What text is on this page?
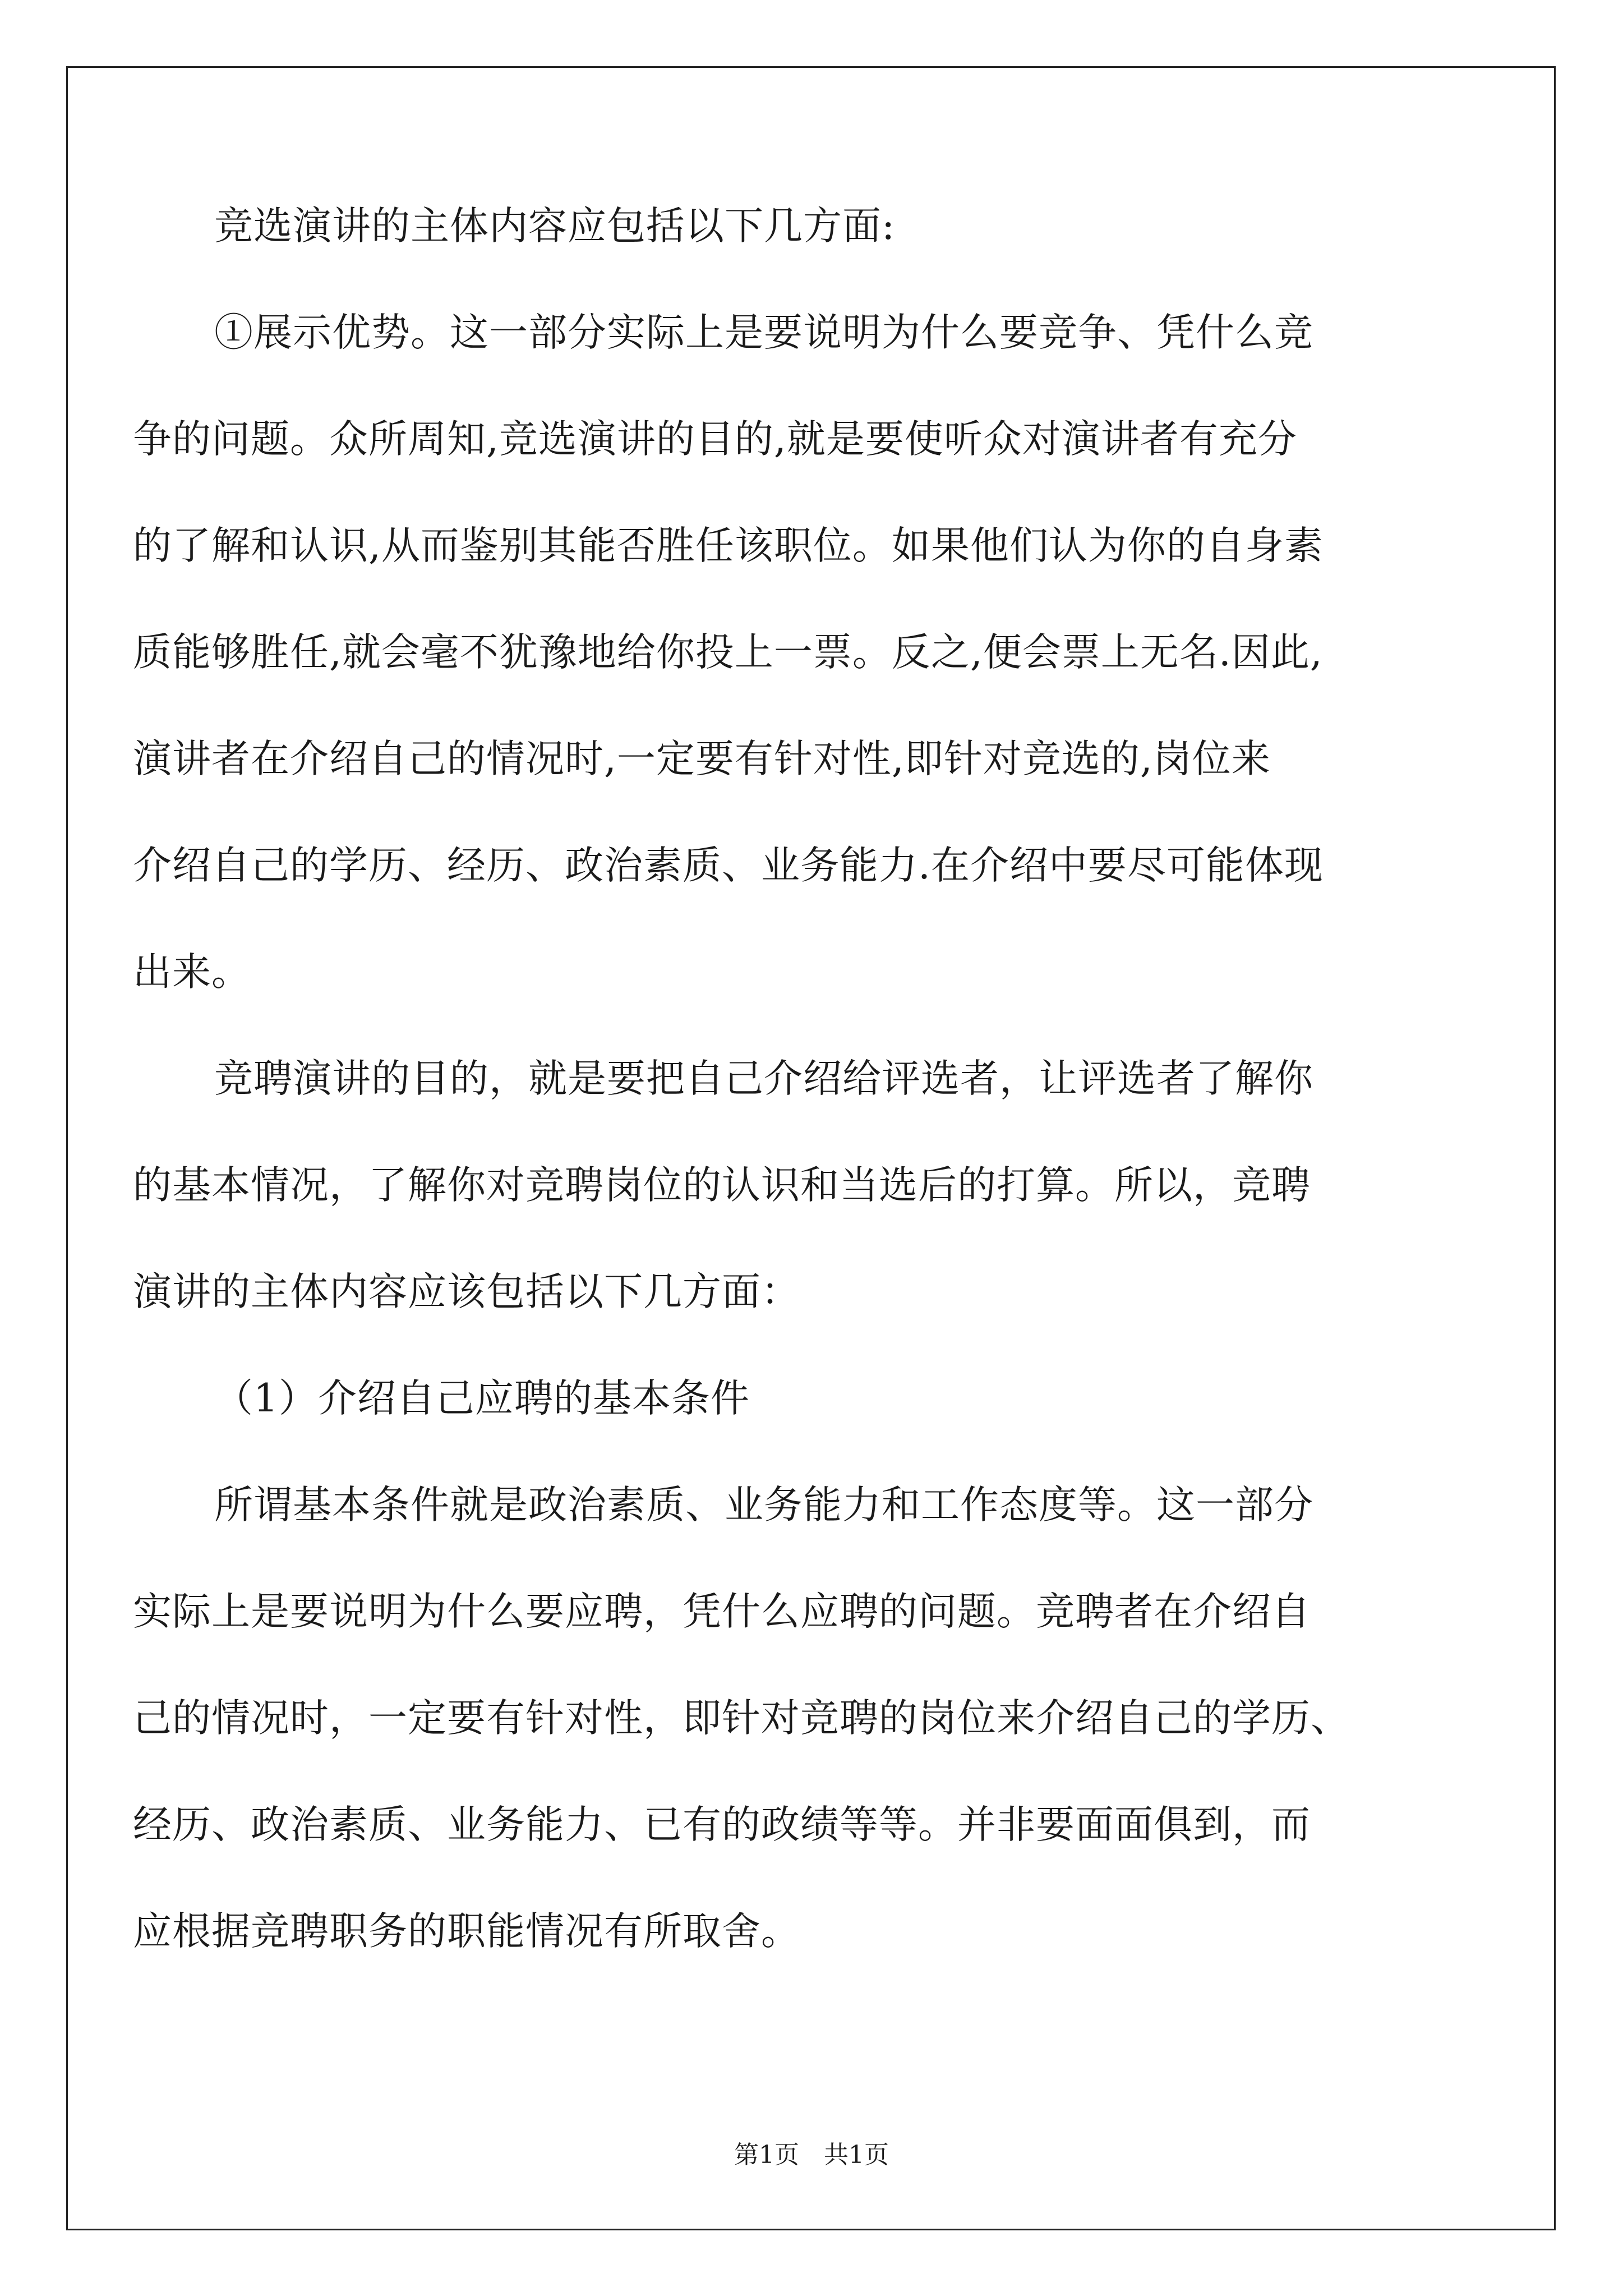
竞选演讲的主体内容应包括以下几方面:
①展示优势。这一部分实际上是要说明为什么要竞争、凭什么竞
争的问题。众所周知,竞选演讲的目的,就是要使听众对演讲者有充分
的了解和认识,从而鉴别其能否胜任该职位。如果他们认为你的自身素
质能够胜任,就会毫不犹豫地给你投上一票。反之,便会票上无名.因此,
演讲者在介绍自己的情况时,一定要有针对性,即针对竞选的,岗位来
介绍自己的学历、经历、政治素质、业务能力.在介绍中要尽可能体现
出来。
竞聘演讲的目的，就是要把自己介绍给评选者，让评选者了解你
的基本情况，了解你对竞聘岗位的认识和当选后的打算。所以，竞聘
演讲的主体内容应该包括以下几方面：
（1）介绍自己应聘的基本条件
所谓基本条件就是政治素质、业务能力和工作态度等。这一部分
实际上是要说明为什么要应聘，凭什么应聘的问题。竞聘者在介绍自
己的情况时，一定要有针对性，即针对竞聘的岗位来介绍自己的学历、
经历、政治素质、业务能力、已有的政绩等等。并非要面面俱到，而
应根据竞聘职务的职能情况有所取舍。
第1页　共1页
